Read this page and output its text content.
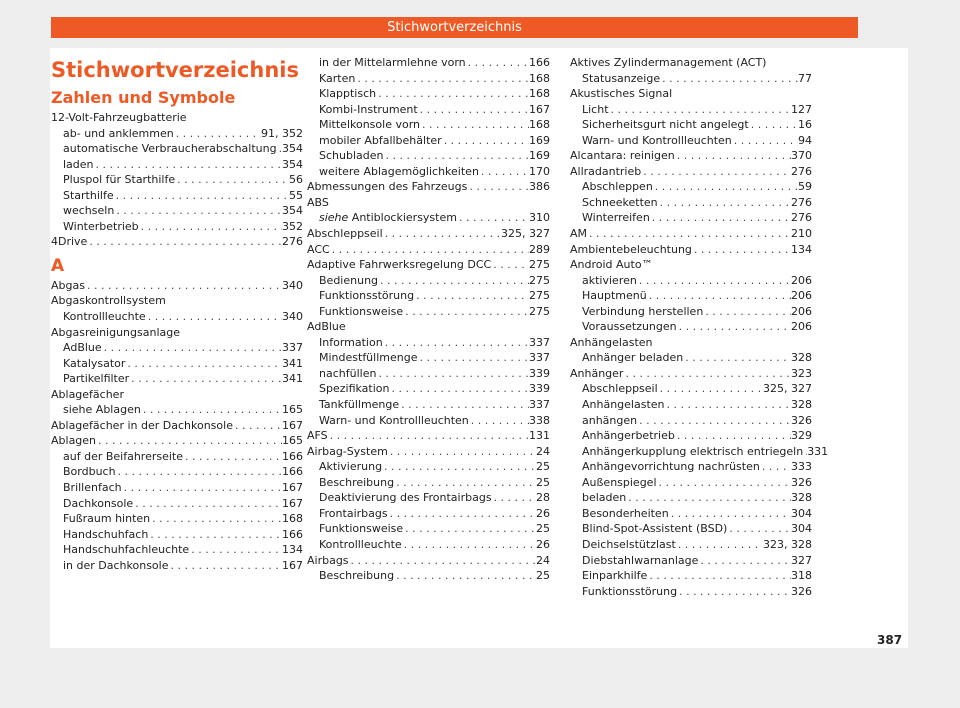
Stichwortverzeichnis
Stichwortverzeichnis
Zahlen und Symbole
12-Volt-Fahrzeugbatterie
ab- und anklemmen . . .	91, 352
automatische Verbraucherabschaltung . . . 354
laden . . .	354
Pluspol für Starthilfe . . .	56
Starthilfe . . .	55
wechseln . . .	354
Winterbetrieb . . .	352
4Drive . . .	276
A
Abgas . . .	340
Abgaskontrollsystem
Kontrollleuchte . . .	340
Abgasreinigungsanlage
AdBlue . . .	337
Katalysator . . .	341
Partikelfilter . . .	341
Ablagefächer
siehe Ablagen . . .	165
Ablagefächer in der Dachkonsole . . .	167
Ablagen . . .	165
auf der Beifahrerseite . . .	166
Bordbuch . . .	166
Brillenfach . . .	167
Dachkonsole . . .	167
Fußraum hinten . . .	168
Handschuhfach . . .	166
Handschuhfachleuchte . . .	134
in der Dachkonsole . . .	167
in der Mittelarmlehne vorn . . .	166
Karten . . .	168
Klapptisch . . .	168
Kombi-Instrument . . .	167
Mittelkonsole vorn . . .	168
mobiler Abfallbehälter . . .	169
Schubladen . . .	169
weitere Ablagemöglichkeiten . . .	170
Abmessungen des Fahrzeugs . . .	386
ABS
siehe Antiblockiersystem . . .	310
Abschleppseil . . .	325, 327
ACC . . .	289
Adaptive Fahrwerksregelung DCC . . .	275
Bedienung . . .	275
Funktionsstörung . . .	275
Funktionsweise . . .	275
AdBlue
Information . . .	337
Mindestfüllmenge . . .	337
nachfüllen . . .	339
Spezifikation . . .	339
Tankfüllmenge . . .	337
Warn- und Kontrollleuchten . . .	338
AFS . . .	131
Airbag-System . . .	24
Aktivierung . . .	25
Beschreibung . . .	25
Deaktivierung des Frontairbags . . .	28
Frontairbags . . .	26
Funktionsweise . . .	25
Kontrollleuchte . . .	26
Airbags . . .	24
Beschreibung . . .	25
Aktives Zylindermanagement (ACT)
Statusanzeige . . .	77
Akustisches Signal
Licht . . .	127
Sicherheitsgurt nicht angelegt . . .	16
Warn- und Kontrollleuchten . . .	94
Alcantara: reinigen . . .	370
Allradantrieb . . .	276
Abschleppen . . .	59
Schneeketten . . .	276
Winterreifen . . .	276
AM . . .	210
Ambientebeleuchtung . . .	134
Android Auto™
aktivieren . . .	206
Hauptmenü . . .	206
Verbindung herstellen . . .	206
Voraussetzungen . . .	206
Anhängelasten
Anhänger beladen . . .	328
Anhänger . . .	323
Abschleppseil . . .	325, 327
Anhängelasten . . .	328
anhängen . . .	326
Anhängerbetrieb . . .	329
Anhängerkupplung elektrisch entriegeln . . . 331
Anhängevorrichtung nachrüsten . . .	333
Außenspiegel . . .	326
beladen . . .	328
Besonderheiten . . .	304
Blind-Spot-Assistent (BSD) . . .	304
Deichselstützlast . . .	323, 328
Diebstahlwarnanlage . . .	327
Einparkhilfe . . .	318
Funktionsstörung . . .	326
387
